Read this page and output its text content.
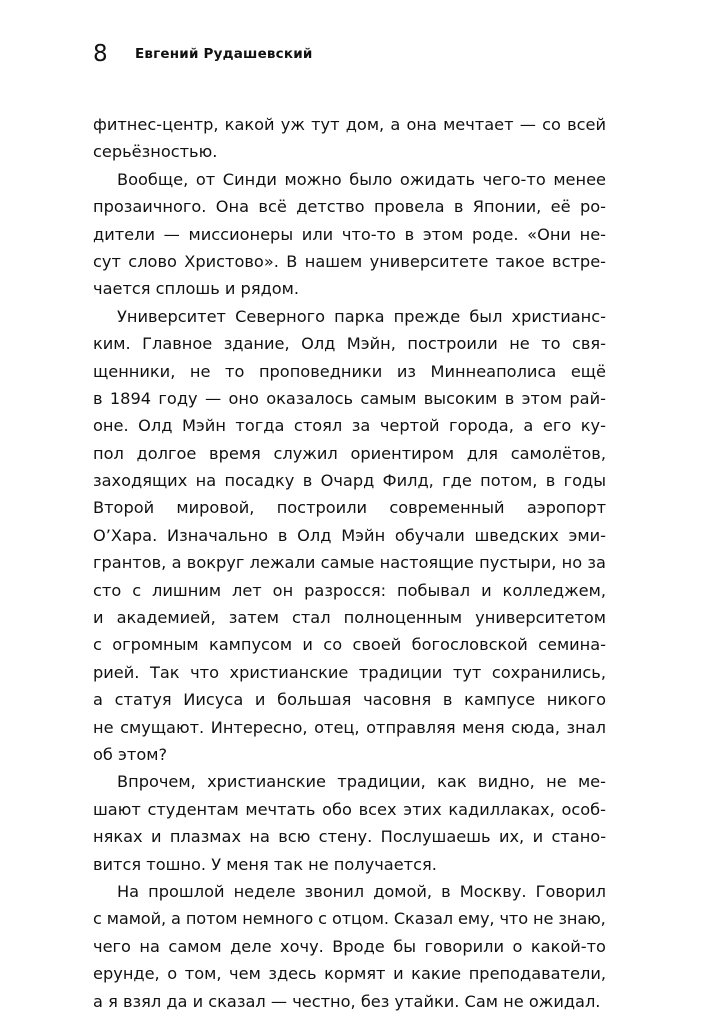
8	Евгений Рудашевский
фитнес-центр, какой уж тут дом, а она мечтает — со всей
серьёзностью.
Вообще, от Синди можно было ожидать чего-то менее
прозаичного. Она всё детство провела в Японии, её ро-
дители — миссионеры или что-то в этом роде. «Они не-
сут слово Христово». В нашем университете такое встре-
чается сплошь и рядом.
Университет Северного парка прежде был христианс-
ким. Главное здание, Олд Мэйн, построили не то свя-
щенники, не то проповедники из Миннеаполиса ещё
в 1894 году — оно оказалось самым высоким в этом рай-
оне. Олд Мэйн тогда стоял за чертой города, а его ку-
пол долгое время служил ориентиром для самолётов,
заходящих на посадку в Очард Филд, где потом, в годы
Второй мировой, построили современный аэропорт
О’Хара. Изначально в Олд Мэйн обучали шведских эми-
грантов, а вокруг лежали самые настоящие пустыри, но за
сто с лишним лет он разросся: побывал и колледжем,
и академией, затем стал полноценным университетом
с огромным кампусом и со своей богословской семина-
рией. Так что христианские традиции тут сохранились,
а статуя Иисуса и большая часовня в кампусе никого
не смущают. Интересно, отец, отправляя меня сюда, знал
об этом?
Впрочем, христианские традиции, как видно, не ме-
шают студентам мечтать обо всех этих кадиллаках, особ-
няках и плазмах на всю стену. Послушаешь их, и стано-
вится тошно. У меня так не получается.
На прошлой неделе звонил домой, в Москву. Говорил
с мамой, а потом немного с отцом. Сказал ему, что не знаю,
чего на самом деле хочу. Вроде бы говорили о какой-то
ерунде, о том, чем здесь кормят и какие преподаватели,
а я взял да и сказал — честно, без утайки. Сам не ожидал.
